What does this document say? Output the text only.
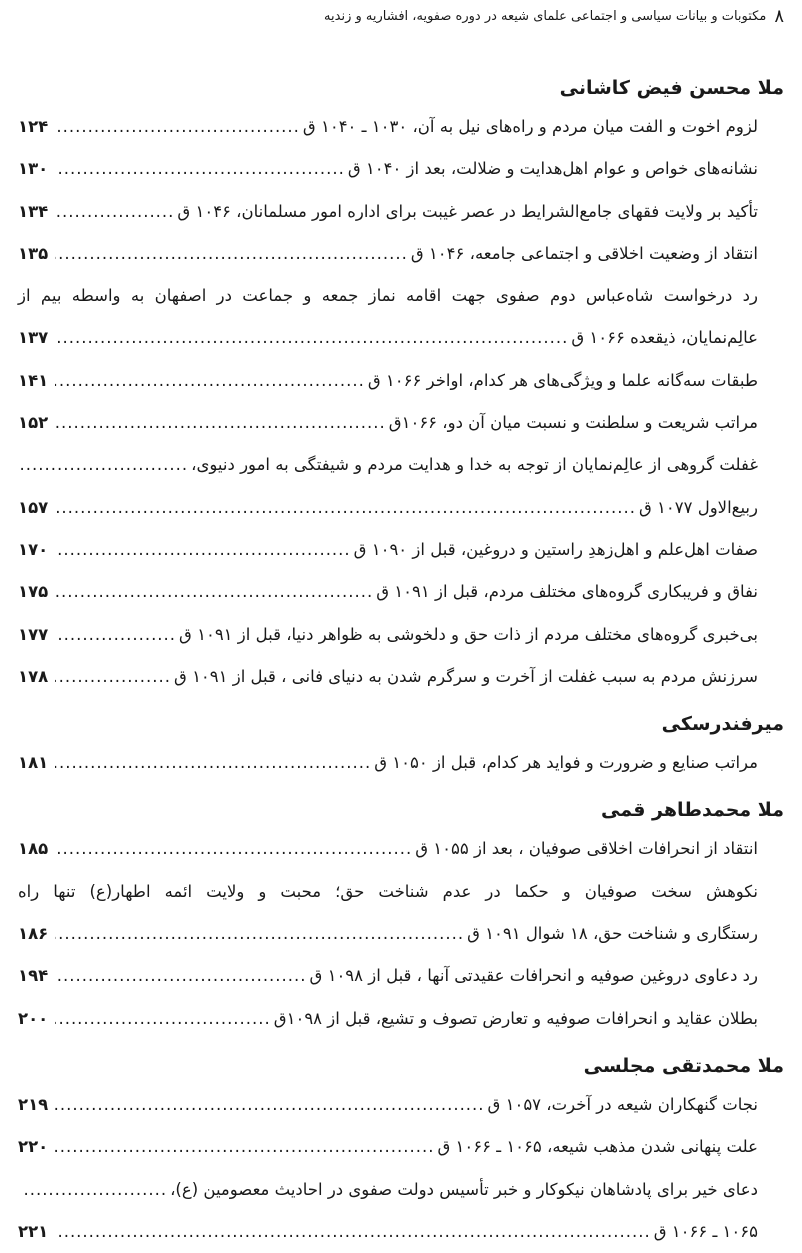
۸
مکتوبات و بیانات سیاسی و اجتماعی علمای شیعه در دوره صفویه، افشاریه و زندیه
ملا محسن فیض کاشانی
لزوم اخوت و الفت میان مردم و راه‌های نیل به آن، ۱۰۳۰ ـ ۱۰۴۰ ق
.....
۱۲۴
نشانه‌های خواص و عوام اهل‌هدایت و ضلالت، بعد از ۱۰۴۰ ق
.....
۱۳۰
تأکید بر ولایت فقهای جامع‌الشرایط در عصر غیبت برای اداره امور مسلمانان، ۱۰۴۶ ق
.....
۱۳۴
انتقاد از وضعیت اخلاقی و اجتماعی جامعه، ۱۰۴۶ ق
.....
۱۳۵
رد درخواست شاه‌عباس دوم صفوی جهت اقامه نماز جمعه و جماعت در اصفهان به واسطه بیم از
عالِم‌نمایان، ذیقعده ۱۰۶۶ ق
.....
۱۳۷
طبقات سه‌گانه علما و ویژگی‌های هر کدام، اواخر ۱۰۶۶ ق
.....
۱۴۱
مراتب شریعت و سلطنت و نسبت میان آن دو، ۱۰۶۶ق
.....
۱۵۲
غفلت گروهی از عالِم‌نمایان از توجه به خدا و هدایت مردم و شیفتگی به امور دنیوی،
.....
ربیع‌الاول ۱۰۷۷ ق
.....
۱۵۷
صفات اهل‌علم و اهل‌زهدِ راستین و دروغین، قبل از ۱۰۹۰ ق
.....
۱۷۰
نفاق و فریبکاری گروه‌های مختلف مردم، قبل از ۱۰۹۱ ق
.....
۱۷۵
بی‌خبری گروه‌های مختلف مردم از ذات حق و دلخوشی به ظواهر دنیا، قبل از ۱۰۹۱ ق
.....
۱۷۷
سرزنش مردم به سبب غفلت از آخرت و سرگرم شدن به دنیای فانی ، قبل از ۱۰۹۱ ق
.....
۱۷۸
میرفندرسکی
مراتب صنایع و ضرورت و فواید هر کدام، قبل از ۱۰۵۰ ق
.....
۱۸۱
ملا محمدطاهر قمی
انتقاد از انحرافات اخلاقی صوفیان ، بعد از ۱۰۵۵ ق
.....
۱۸۵
نکوهش سخت صوفیان و حکما در عدم شناخت حق؛ محبت و ولایت ائمه اطهار(ع) تنها راه
رستگاری و شناخت حق، ۱۸ شوال ۱۰۹۱ ق
.....
۱۸۶
رد دعاوی دروغین صوفیه و انحرافات عقیدتی آنها ، قبل از ۱۰۹۸ ق
.....
۱۹۴
بطلان عقاید و انحرافات صوفیه و تعارض تصوف و تشیع، قبل از ۱۰۹۸ق
.....
۲۰۰
ملا محمدتقی مجلسی
نجات گنهکاران شیعه در آخرت، ۱۰۵۷ ق
.....
۲۱۹
علت پنهانی شدن مذهب شیعه، ۱۰۶۵ ـ ۱۰۶۶ ق
.....
۲۲۰
دعای خیر برای پادشاهان نیکوکار و خبر تأسیس دولت صفوی در احادیث معصومین (ع)،
.....
۱۰۶۵ ـ ۱۰۶۶ ق
.....
۲۲۱
